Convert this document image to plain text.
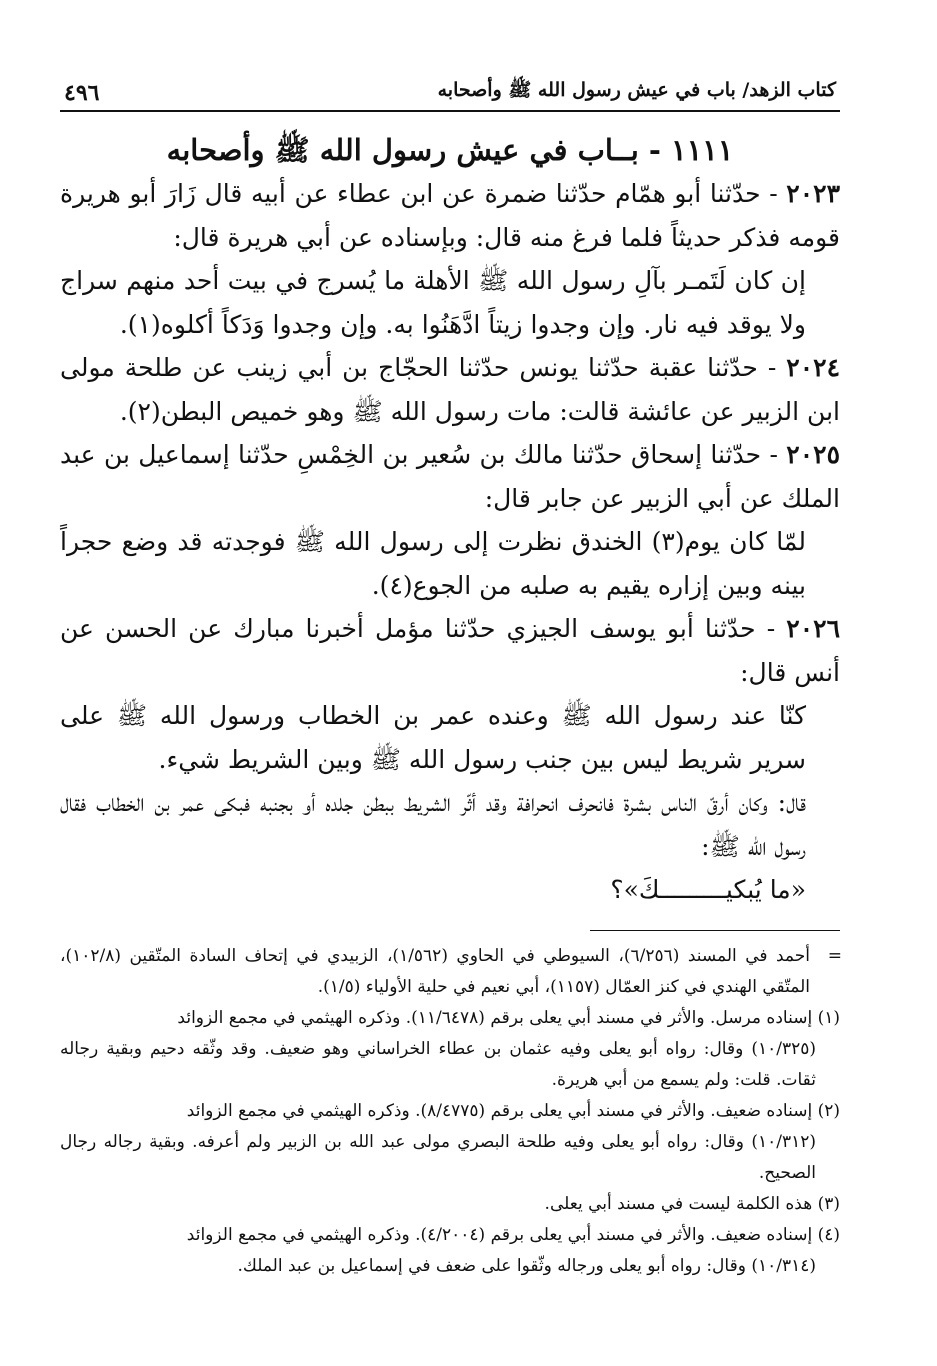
كتاب الزهد/ باب في عيش رسول الله ﷺ وأصحابه
٤٩٦
١١١١ - بــاب في عيش رسول الله ﷺ وأصحابه

٢٠٢٣ - حدّثنا أبو همّام حدّثنا ضمرة عن ابن عطاء عن أبيه قال زَارَ أبو هريرة قومه فذكر حديثاً فلما فرغ منه قال: وبإسناده عن أبي هريرة قال:

إن كان لَتَمـر بآلِ رسول الله ﷺ الأهلة ما يُسرج في بيت أحد منهم سراج ولا يوقد فيه نار. وإن وجدوا زيتاً ادَّهَنُوا به. وإن وجدوا وَدَكاً أكلوه(١).

٢٠٢٤ - حدّثنا عقبة حدّثنا يونس حدّثنا الحجّاج بن أبي زينب عن طلحة مولى ابن الزبير عن عائشة قالت: مات رسول الله ﷺ وهو خميص البطن(٢).

٢٠٢٥ - حدّثنا إسحاق حدّثنا مالك بن سُعير بن الخِمْسِ حدّثنا إسماعيل بن عبد الملك عن أبي الزبير عن جابر قال:

لمّا كان يوم(٣) الخندق نظرت إلى رسول الله ﷺ فوجدته قد وضع حجراً بينه وبين إزاره يقيم به صلبه من الجوع(٤).

٢٠٢٦ - حدّثنا أبو يوسف الجيزي حدّثنا مؤمل أخبرنا مبارك عن الحسن عن أنس قال:

كنّا عند رسول الله ﷺ وعنده عمر بن الخطاب ورسول الله ﷺ على سرير شريط ليس بين جنب رسول الله ﷺ وبين الشريط شيء.

قال: وكان أرقّ الناس بشرة فانحرف انحرافة وقد أثّر الشريط ببطن جلده أو بجنبه فبكى عمر بن الخطاب فقال رسول الله ﷺ:

«ما يُبكيـــــــــكَ»؟

=
أحمد في المسند (٦/٢٥٦)، السيوطي في الحاوي (١/٥٦٢)، الزبيدي في إتحاف السادة المتّقين (١٠٢/٨)، المتّقي الهندي في كنز العمّال (١١٥٧)، أبي نعيم في حلية الأولياء (١/٥).

(١) إسناده مرسل. والأثر في مسند أبي يعلى برقم (١١/٦٤٧٨). وذكره الهيثمي في مجمع الزوائد

(١٠/٣٢٥) وقال: رواه أبو يعلى وفيه عثمان بن عطاء الخراساني وهو ضعيف. وقد وثّقه دحيم وبقية رجاله ثقات. قلت: ولم يسمع من أبي هريرة.

(٢) إسناده ضعيف. والأثر في مسند أبي يعلى برقم (٨/٤٧٧٥). وذكره الهيثمي في مجمع الزوائد

(١٠/٣١٢) وقال: رواه أبو يعلى وفيه طلحة البصري مولى عبد الله بن الزبير ولم أعرفه. وبقية رجاله رجال الصحيح.

(٣) هذه الكلمة ليست في مسند أبي يعلى.

(٤) إسناده ضعيف. والأثر في مسند أبي يعلى برقم (٤/٢٠٠٤). وذكره الهيثمي في مجمع الزوائد

(١٠/٣١٤) وقال: رواه أبو يعلى ورجاله وثّقوا على ضعف في إسماعيل بن عبد الملك.
